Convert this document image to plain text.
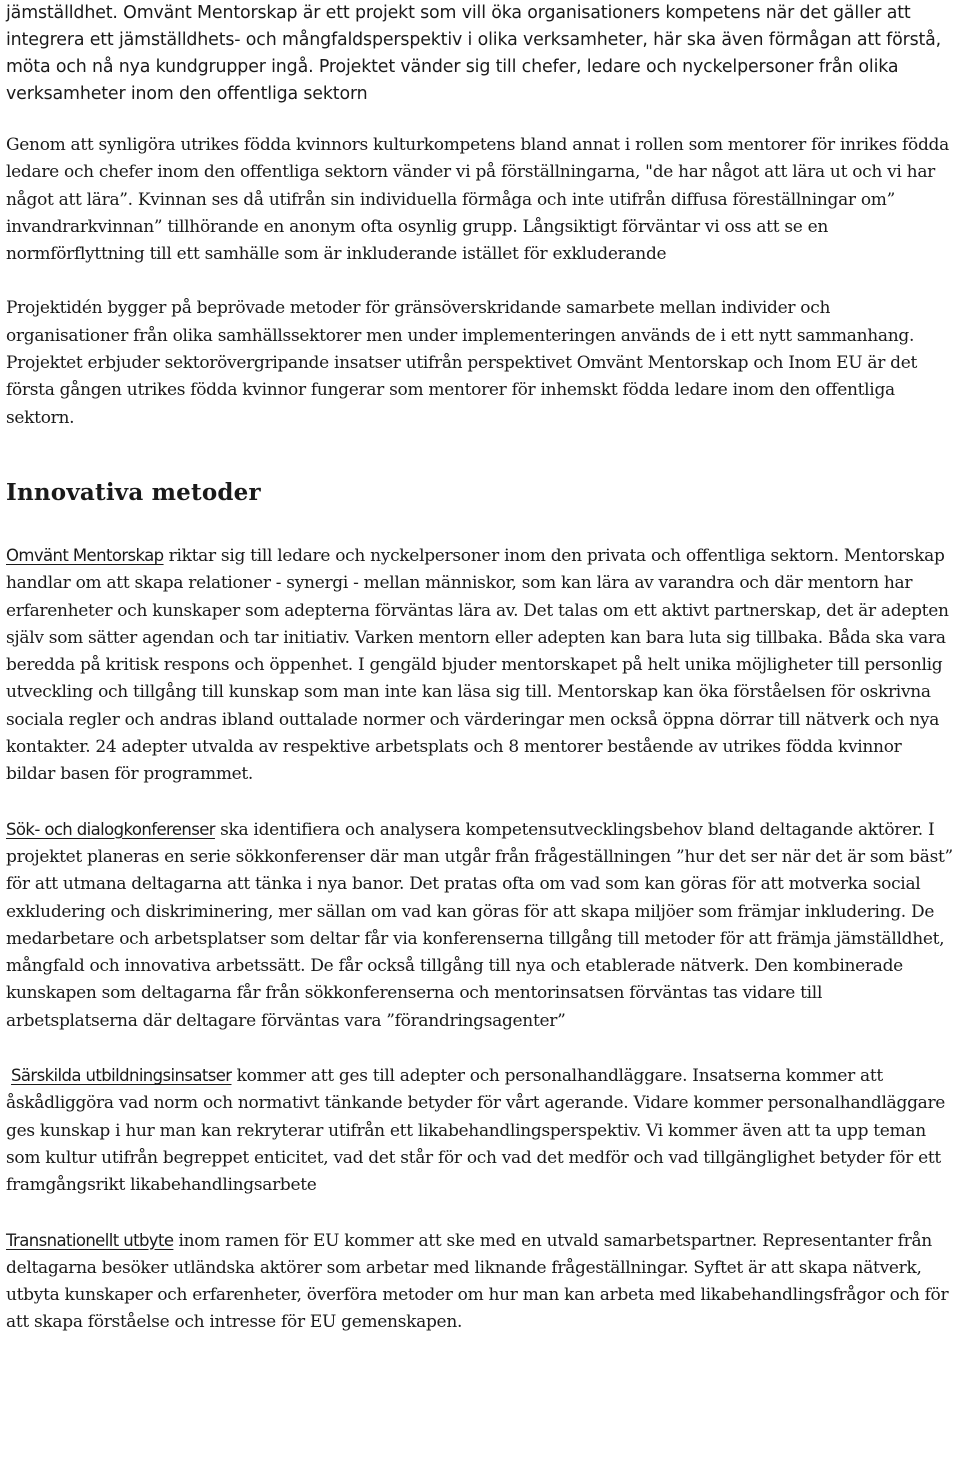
jämställdhet. Omvänt Mentorskap är ett projekt som vill öka organisationers kompetens när det gäller att integrera ett jämställdhets- och mångfaldsperspektiv i olika verksamheter, här ska även förmågan att förstå, möta och nå nya kundgrupper ingå. Projektet vänder sig till chefer, ledare och nyckelpersoner från olika verksamheter inom den offentliga sektorn

Genom att synligöra utrikes födda kvinnors kulturkompetens bland annat i rollen som mentorer för inrikes födda ledare och chefer inom den offentliga sektorn vänder vi på förställningarna, "de har något att lära ut och vi har något att lära”. Kvinnan ses då utifrån sin individuella förmåga och inte utifrån diffusa föreställningar om” invandrarkvinnan” tillhörande en anonym ofta osynlig grupp. Långsiktigt förväntar vi oss att se en normförflyttning till ett samhälle som är inkluderande istället för exkluderande

Projektidén bygger på beprövade metoder för gränsöverskridande samarbete mellan individer och organisationer från olika samhällssektorer men under implementeringen används de i ett nytt sammanhang. Projektet erbjuder sektorövergripande insatser utifrån perspektivet Omvänt Mentorskap och Inom EU är det första gången utrikes födda kvinnor fungerar som mentorer för inhemskt födda ledare inom den offentliga sektorn.

Innovativa metoder

Omvänt Mentorskap riktar sig till ledare och nyckelpersoner inom den privata och offentliga sektorn. Mentorskap handlar om att skapa relationer - synergi - mellan människor, som kan lära av varandra och där mentorn har erfarenheter och kunskaper som adepterna förväntas lära av. Det talas om ett aktivt partnerskap, det är adepten själv som sätter agendan och tar initiativ. Varken mentorn eller adepten kan bara luta sig tillbaka. Båda ska vara beredda på kritisk respons och öppenhet. I gengäld bjuder mentorskapet på helt unika möjligheter till personlig utveckling och tillgång till kunskap som man inte kan läsa sig till. Mentorskap kan öka förståelsen för oskrivna sociala regler och andras ibland outtalade normer och värderingar men också öppna dörrar till nätverk och nya kontakter. 24 adepter utvalda av respektive arbetsplats och 8 mentorer bestående av utrikes födda kvinnor bildar basen för programmet.

Sök- och dialogkonferenser ska identifiera och analysera kompetensutvecklingsbehov bland deltagande aktörer. I projektet planeras en serie sökkonferenser där man utgår från frågeställningen ”hur det ser när det är som bäst” för att utmana deltagarna att tänka i nya banor. Det pratas ofta om vad som kan göras för att motverka social exkludering och diskriminering, mer sällan om vad kan göras för att skapa miljöer som främjar inkludering. De medarbetare och arbetsplatser som deltar får via konferenserna tillgång till metoder för att främja jämställdhet, mångfald och innovativa arbetssätt. De får också tillgång till nya och etablerade nätverk. Den kombinerade kunskapen som deltagarna får från sökkonferenserna och mentorinsatsen förväntas tas vidare till arbetsplatserna där deltagare förväntas vara ”förandringsagenter”

Särskilda utbildningsinsatser kommer att ges till adepter och personalhandläggare. Insatserna kommer att åskådliggöra vad norm och normativt tänkande betyder för vårt agerande. Vidare kommer personalhandläggare ges kunskap i hur man kan rekryterar utifrån ett likabehandlingsperspektiv. Vi kommer även att ta upp teman som kultur utifrån begreppet enticitet, vad det står för och vad det medför och vad tillgänglighet betyder för ett framgångsrikt likabehandlingsarbete

Transnationellt utbyte inom ramen för EU kommer att ske med en utvald samarbetspartner. Representanter från deltagarna besöker utländska aktörer som arbetar med liknande frågeställningar. Syftet är att skapa nätverk, utbyta kunskaper och erfarenheter, överföra metoder om hur man kan arbeta med likabehandlingsfrågor och för att skapa förståelse och intresse för EU gemenskapen.
